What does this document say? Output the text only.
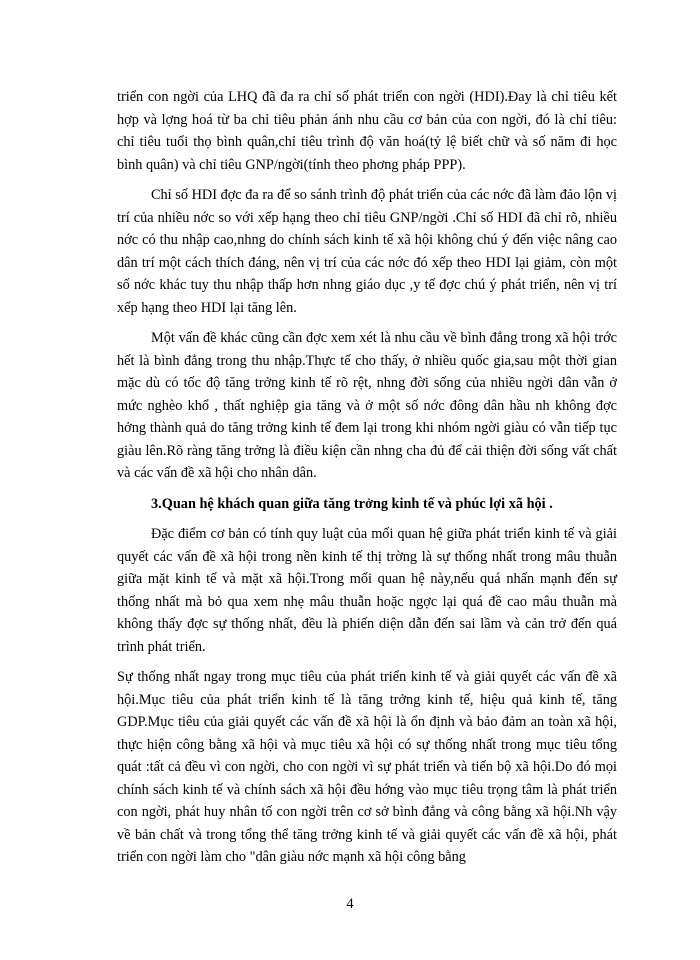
triển con ngời của LHQ đã đa ra chỉ số phát triển con ngời (HDI).Đay là chỉ tiêu kết hợp và lợng hoá từ ba chỉ tiêu phản ánh nhu cầu cơ bản của con ngời, đó là chỉ tiêu: chỉ tiêu tuổi thọ bình quân,chỉ tiêu trình độ văn hoá(tỷ lệ biết chữ và số năm đi học bình quân) và chỉ tiêu GNP/ngời(tính theo phơng pháp PPP).

Chỉ số HDI đợc đa ra để so sánh trình độ phát triển của các nớc đã làm đảo lộn vị trí của nhiều nớc so với xếp hạng theo chỉ tiêu GNP/ngời .Chỉ số HDI đã chỉ rõ, nhiều nớc có thu nhập cao,nhng do chính sách kinh tế xã hội không chú ý đến việc nâng cao dân trí một cách thích đáng, nên vị trí của các nớc đó xếp theo HDI lại giảm, còn một số nớc khác tuy thu nhập thấp hơn nhng giáo dục ,y tế đợc chú ý phát triển, nên vị trí xếp hạng theo HDI lại tăng lên.

Một vấn đề khác cũng cần đợc xem xét là nhu cầu về bình đẳng trong xã hội trớc hết là bình đẳng trong thu nhập.Thực tế cho thấy, ở nhiều quốc gia,sau một thời gian mặc dù có tốc độ tăng trởng kinh tế rõ rệt, nhng đời sống của nhiều ngời dân vẫn ở mức nghèo khổ , thất nghiệp gia tăng và ở một số nớc đông dân hầu nh không đợc hởng thành quả do tăng trởng kinh tế đem lại trong khi nhóm ngời giàu có vẫn tiếp tục giàu lên.Rõ ràng tăng trởng là điều kiện cần nhng cha đủ để cải thiện đời sống vất chất và các vấn đề xã hội cho nhân dân.

3.Quan hệ khách quan giữa tăng trởng kinh tế và phúc lợi xã hội .

Đặc điểm cơ bản có tính quy luật của mối quan hệ giữa phát triển kinh tế và giải quyết các vấn đề xã hội trong nền kinh tế thị trờng là sự thống nhất trong mâu thuẫn giữa mặt kinh tế và mặt xã hội.Trong mối quan hệ này,nếu quá nhấn mạnh đến sự thống nhất mà bỏ qua xem nhẹ mâu thuẫn hoặc ngợc lại quá đề cao mâu thuẫn mà không thấy đợc sự thống nhất, đều là phiến diện dẫn đến sai lầm và cản trở đến quá trình phát triển.

Sự thống nhất ngay trong mục tiêu của phát triển kinh tế và giải quyết các vấn đề xã hội.Mục tiêu của phát triển kinh tế là tăng trởng kinh tế, hiệu quả kinh tế, tăng GDP.Mục tiêu của giải quyết các vấn đề xã hội là ổn định và bảo đảm an toàn xã hội, thực hiện công bằng xã hội và mục tiêu xã hội có sự thống nhất trong mục tiêu tổng quát :tất cả đều vì con ngời, cho con ngời vì sự phát triển và tiến bộ xã hội.Do đó mọi chính sách kinh tế và chính sách xã hội đều hớng vào mục tiêu trọng tâm là phát triển con ngời, phát huy nhân tố con ngời trên cơ sở bình đẳng và công bằng xã hội.Nh vậy về bản chất và trong tổng thể tăng trởng kinh tế và giải quyết các vấn đề xã hội, phát triển con ngời làm cho "dân giàu nớc mạnh xã hội công bằng

4
